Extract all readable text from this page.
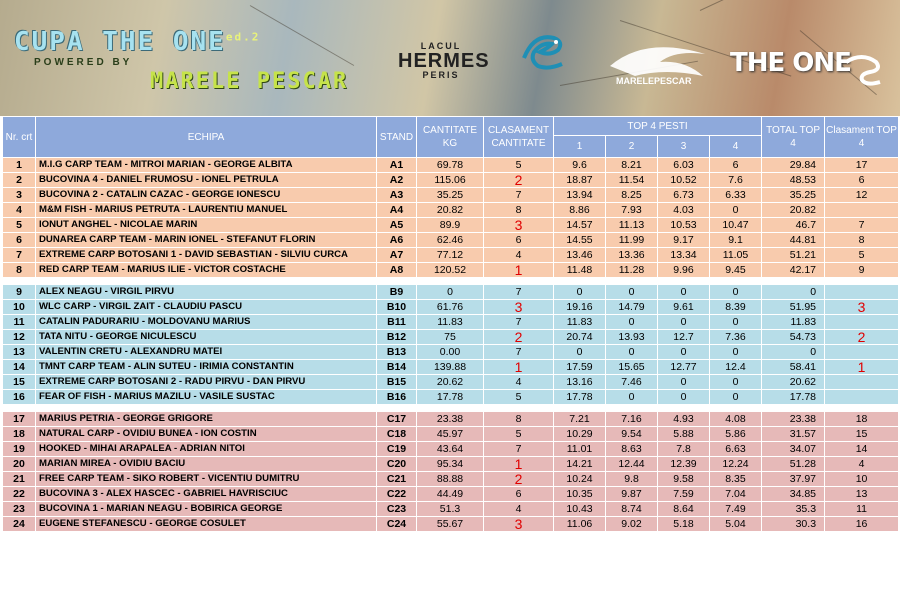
CUPA THE $ONE^{ed.2}$
POWERED BY
MARELE PESCAR
LACUL
HERMES
PERIS
MARELEPESCAR
THE ONE
Nr. crt	ECHIPA	STAND	CANTITATE KG	CLASAMENT CANTITATE	TOP 4 PESTI				TOTAL TOP 4	Clasament TOP 4
					1	2	3	4		
1	M.I.G CARP TEAM - MITROI MARIAN - GEORGE ALBITA	A1	69.78	5	9.6	8.21	6.03	6	29.84	17
2	BUCOVINA 4 - DANIEL FRUMOSU - IONEL PETRULA	A2	115.06	2	18.87	11.54	10.52	7.6	48.53	6
3	BUCOVINA 2 - CATALIN CAZAC - GEORGE IONESCU	A3	35.25	7	13.94	8.25	6.73	6.33	35.25	12
4	M&M FISH - MARIUS PETRUTA - LAURENTIU MANUEL	A4	20.82	8	8.86	7.93	4.03	0	20.82	
5	IONUT ANGHEL - NICOLAE MARIN	A5	89.9	3	14.57	11.13	10.53	10.47	46.7	7
6	DUNAREA CARP TEAM - MARIN IONEL - STEFANUT FLORIN	A6	62.46	6	14.55	11.99	9.17	9.1	44.81	8
7	EXTREME CARP BOTOSANI 1 - DAVID SEBASTIAN - SILVIU CURCA	A7	77.12	4	13.46	13.36	13.34	11.05	51.21	5
8	RED CARP TEAM - MARIUS ILIE - VICTOR COSTACHE	A8	120.52	1	11.48	11.28	9.96	9.45	42.17	9

9	ALEX NEAGU - VIRGIL PIRVU	B9	0	7	0	0	0	0	0	
10	WLC CARP - VIRGIL ZAIT - CLAUDIU PASCU	B10	61.76	3	19.16	14.79	9.61	8.39	51.95	3
11	CATALIN PADURARIU - MOLDOVANU MARIUS	B11	11.83	7	11.83	0	0	0	11.83	
12	TATA NITU - GEORGE NICULESCU	B12	75	2	20.74	13.93	12.7	7.36	54.73	2
13	VALENTIN CRETU - ALEXANDRU MATEI	B13	0.00	7	0	0	0	0	0	
14	TMNT CARP TEAM - ALIN SUTEU - IRIMIA CONSTANTIN	B14	139.88	1	17.59	15.65	12.77	12.4	58.41	1
15	EXTREME CARP BOTOSANI 2 - RADU PIRVU - DAN PIRVU	B15	20.62	4	13.16	7.46	0	0	20.62	
16	FEAR OF FISH - MARIUS MAZILU - VASILE SUSTAC	B16	17.78	5	17.78	0	0	0	17.78	

17	MARIUS PETRIA - GEORGE GRIGORE	C17	23.38	8	7.21	7.16	4.93	4.08	23.38	18
18	NATURAL CARP - OVIDIU BUNEA - ION COSTIN	C18	45.97	5	10.29	9.54	5.88	5.86	31.57	15
19	HOOKED - MIHAI ARAPALEA - ADRIAN NITOI	C19	43.64	7	11.01	8.63	7.8	6.63	34.07	14
20	MARIAN MIREA - OVIDIU BACIU	C20	95.34	1	14.21	12.44	12.39	12.24	51.28	4
21	FREE CARP TEAM - SIKO ROBERT - VICENTIU DUMITRU	C21	88.88	2	10.24	9.8	9.58	8.35	37.97	10
22	BUCOVINA 3 - ALEX HASCEC - GABRIEL HAVRISCIUC	C22	44.49	6	10.35	9.87	7.59	7.04	34.85	13
23	BUCOVINA 1 - MARIAN NEAGU - BOBIRICA GEORGE	C23	51.3	4	10.43	8.74	8.64	7.49	35.3	11
24	EUGENE STEFANESCU - GEORGE COSULET	C24	55.67	3	11.06	9.02	5.18	5.04	30.3	16
